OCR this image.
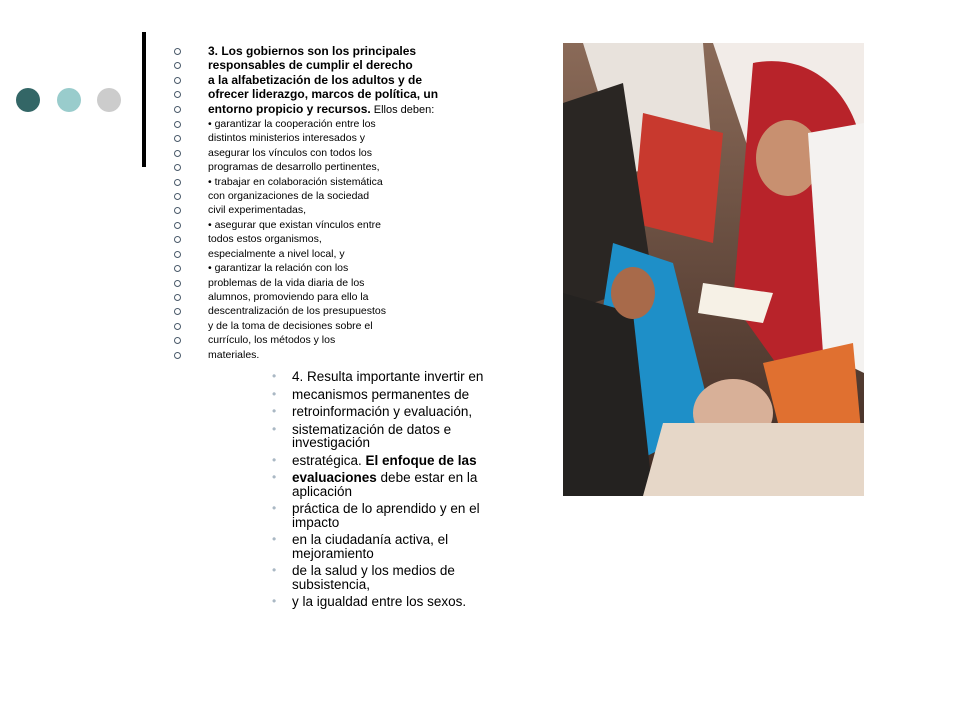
3. Los gobiernos son los principales
responsables de cumplir el derecho
a la alfabetización de los adultos y de
ofrecer liderazgo, marcos de política, un
entorno propicio y recursos. Ellos deben:
• garantizar la cooperación entre los
distintos ministerios interesados y
asegurar los vínculos con todos los
programas de desarrollo pertinentes,
• trabajar en colaboración sistemática
con organizaciones de la sociedad
civil experimentadas,
• asegurar que existan vínculos entre
todos estos organismos,
especialmente a nivel local, y
• garantizar la relación con los
problemas de la vida diaria de los
alumnos, promoviendo para ello la
descentralización de los presupuestos
y de la toma de decisiones sobre el
currículo, los métodos y los
materiales.
• 4. Resulta importante invertir en
• mecanismos permanentes de
• retroinformación y evaluación,
• sistematización de datos e investigación
• estratégica. El enfoque de las
• evaluaciones debe estar en la aplicación
• práctica de lo aprendido y en el impacto
• en la ciudadanía activa, el mejoramiento
• de la salud y los medios de subsistencia,
• y la igualdad entre los sexos.
